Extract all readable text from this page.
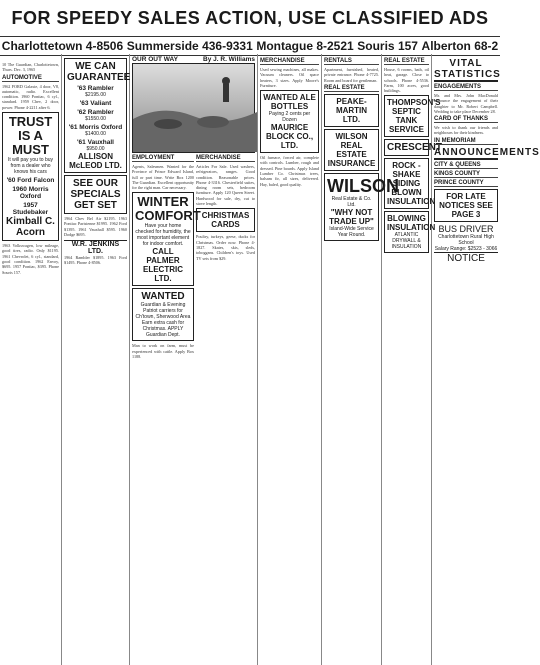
FOR SPEEDY SALES ACTION, USE CLASSIFIED ADS
Charlottetown 4-8506 Summerside 436-9331 Montague 8-2521 Souris 157 Alberton 68-2
10 The Guardian, Charlottetown, Thurs. Dec. 3, 1965
AUTOMOTIVE
1962 FORD Galaxie, 4 door, V8, automatic, radio. Excellent condition. 1960 Pontiac, 6 cyl., standard. 1959 Chev, 2 door, power. Phone 4-2211 after 6.
TRUST IS A MUST
It will pay you to buy from a dealer who knows his cars
'60 Ford Falcon
1960 Morris Oxford
1957 Studebaker
Kimball C. Acorn
1963 Volkswagen, low mileage, good tires, radio. Only $1195. 1961 Chevrolet, 6 cyl., standard, good condition. 1962 Envoy, $695. 1957 Pontiac, $395. Phone Souris 157.
WE CAN GUARANTEE
'63 Rambler
$2195.00
'63 Valiant
'62 Rambler
$1550.00
'61 Morris Oxford
$1400.00
'61 Vauxhall
$950.00
ALLISON McLEOD LTD.
SEE OUR SPECIALS GET SET
1964 Chev Bel Air $2195. 1963 Pontiac Parisienne $1995. 1962 Ford $1395. 1961 Vauxhall $595. 1960 Dodge $695.
W.R. JENKINS LTD.
1964 Rambler $1895. 1963 Ford $1495. Phone 4-8506.
OUR OUT WAY	By J. R. Williams
EMPLOYMENT
Agents, Salesmen. Wanted for the Province of Prince Edward Island, full or part time. Write Box 1200 The Guardian. Excellent opportunity for the right man. Car necessary.
WINTER COMFORT
Have your home checked for humidity, the most important element for indoor comfort.
CALL
PALMER ELECTRIC LTD.
WANTED
Guardian & Evening Patriot carriers for Ch'town, Sherwood Area
Earn extra cash for Christmas. APPLY Guardian Dept.
Man to work on farm, must be experienced with cattle. Apply Box 1188.
MERCHANDISE
Articles For Sale. Used washers, refrigerators, ranges. Good condition. Reasonable prices. Phone 4-3316. Chesterfield suites, dining room sets, bedroom furniture. Apply 120 Queen Street. Hardwood for sale, dry, cut to stove length.
CHRISTMAS CARDS
Poultry, turkeys, geese, ducks for Christmas. Order now. Phone 4-1827. Skates, skis, sleds, toboggans. Children's toys. Used TV sets from $29.
MERCHANDISE
Used sewing machines, all makes. Vacuum cleaners. Oil space heaters, 3 sizes. Apply Moore's Furniture.
WANTED ALE BOTTLES
Paying 2 cents per Dozen
MAURICE BLOCK CO., LTD.
Oil furnace, forced air, complete with controls. Lumber, rough and dressed. Pine boards. Apply Island Lumber Co. Christmas trees, balsam fir, all sizes, delivered. Hay, baled, good quality.
RENTALS
Apartment, furnished, heated, private entrance. Phone 4-7725. Room and board for gentleman.
REAL ESTATE
PEAKE-MARTIN LTD.
WILSON REAL ESTATE INSURANCE
WILSON
Real Estate & Co. Ltd.
"WHY NOT TRADE UP"
Island-Wide Service Year Round.
REAL ESTATE
House, 6 rooms, bath, oil heat, garage. Close to schools. Phone 4-5536. Farm, 100 acres, good buildings.
THOMPSON'S SEPTIC TANK SERVICE
CRESCENT
ROCK - SHAKE SIDING BLOWN INSULATION
BLOWING INSULATION
ATLANTIC DRYWALL & INSULATION
VITAL STATISTICS
ENGAGEMENTS
Mr. and Mrs. John MacDonald announce the engagement of their daughter to Mr. Robert Campbell. Wedding to take place December 28.
CARD OF THANKS
We wish to thank our friends and neighbours for their kindness.
IN MEMORIAM
ANNOUNCEMENTS
CITY & QUEENS
KINGS COUNTY
PRINCE COUNTY
FOR LATE NOTICES SEE PAGE 3
BUS DRIVER
Charlottetown Rural High School
Salary Range: $2523 - 3066
NOTICE
